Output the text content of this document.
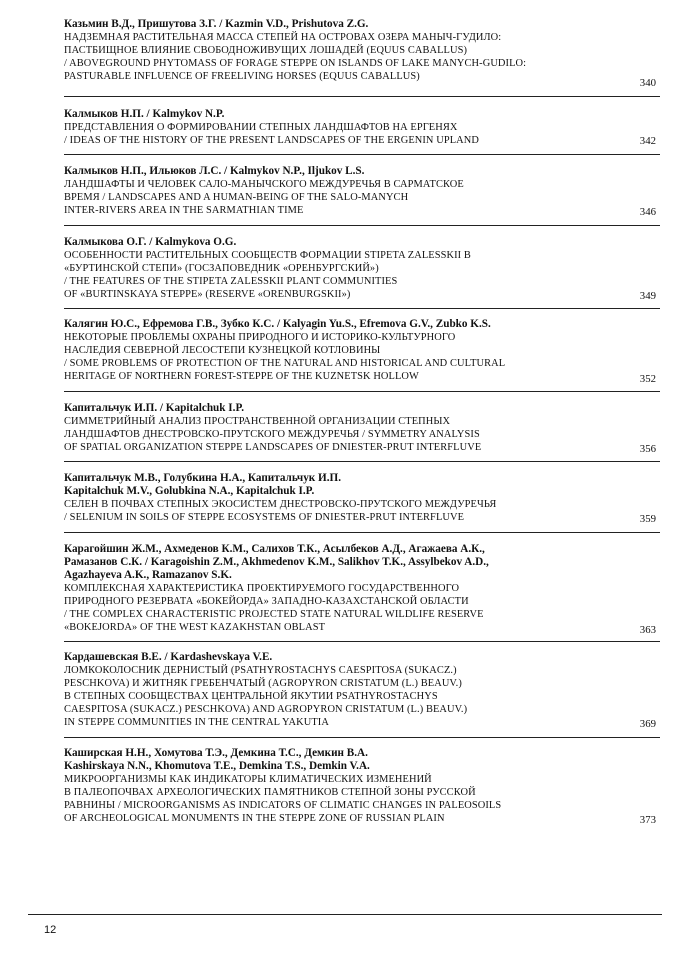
Казьмин В.Д., Пришутова З.Г. / Kazmin V.D., Prishutova Z.G.
НАДЗЕМНАЯ РАСТИТЕЛЬНАЯ МАССА СТЕПЕЙ НА ОСТРОВАХ ОЗЕРА МАНЫЧ-ГУДИЛО:
ПАСТБИЩНОЕ ВЛИЯНИЕ СВОБОДНОЖИВУЩИХ ЛОШАДЕЙ (EQUUS CABALLUS)
/ ABOVEGROUND PHYTOMASS OF FORAGE STEPPE ON ISLANDS OF LAKE MANYCH-GUDILO:
PASTURABLE INFLUENCE OF FREELIVING HORSES (EQUUS CABALLUS)
340
Калмыков Н.П. / Kalmykov N.P.
ПРЕДСТАВЛЕНИЯ О ФОРМИРОВАНИИ СТЕПНЫХ ЛАНДШАФТОВ НА ЕРГЕНЯХ
/ IDEAS OF THE HISTORY OF THE PRESENT LANDSCAPES OF THE ERGENIN UPLAND	342
Калмыков Н.П., Ильюков Л.С. / Kalmykov N.P., Iljukov L.S.
ЛАНДШАФТЫ И ЧЕЛОВЕК САЛО-МАНЫЧСКОГО МЕЖДУРЕЧЬЯ В САРМАТСКОЕ
ВРЕМЯ / LANDSCAPES AND A HUMAN-BEING OF THE SALO-MANYCH
INTER-RIVERS AREA IN THE SARMATHIAN TIME	346
Калмыкова О.Г. / Kalmykova O.G.
ОСОБЕННОСТИ РАСТИТЕЛЬНЫХ СООБЩЕСТВ ФОРМАЦИИ STIPETA ZALESSKII В
«БУРТИНСКОЙ СТЕПИ» (ГОСЗАПОВЕДНИК «ОРЕНБУРГСКИЙ»)
/ THE FEATURES OF THE STIPETA ZALESSKII PLANT COMMUNITIES
OF «BURTINSKAYA STEPPE» (RESERVE «ORENBURGSKII»)	349
Калягин Ю.С., Ефремова Г.В., Зубко К.С. / Kalyagin Yu.S., Efremova G.V., Zubko K.S.
НЕКОТОРЫЕ ПРОБЛЕМЫ ОХРАНЫ ПРИРОДНОГО И ИСТОРИКО-КУЛЬТУРНОГО
НАСЛЕДИЯ СЕВЕРНОЙ ЛЕСОСТЕПИ КУЗНЕЦКОЙ КОТЛОВИНЫ
/ SOME PROBLEMS OF PROTECTION OF THE NATURAL AND HISTORICAL AND CULTURAL
HERITAGE OF NORTHERN FOREST-STEPPE OF THE KUZNETSK HOLLOW	352
Капитальчук И.П. / Kapitalchuk I.P.
СИММЕТРИЙНЫЙ АНАЛИЗ ПРОСТРАНСТВЕННОЙ ОРГАНИЗАЦИИ СТЕПНЫХ
ЛАНДШАФТОВ ДНЕСТРОВСКО-ПРУТСКОГО МЕЖДУРЕЧЬЯ / SYMMETRY ANALYSIS
OF SPATIAL ORGANIZATION STEPPE LANDSCAPES OF DNIESTER-PRUT INTERFLUVE	356
Капитальчук М.В., Голубкина Н.А., Капитальчук И.П.
Kapitalchuk M.V., Golubkina N.A., Kapitalchuk I.P.
СЕЛЕН В ПОЧВАХ СТЕПНЫХ ЭКОСИСТЕМ ДНЕСТРОВСКО-ПРУТСКОГО МЕЖДУРЕЧЬЯ
/ SELENIUM IN SOILS OF STEPPE ECOSYSTEMS OF DNIESTER-PRUT INTERFLUVE	359
Карагойшин Ж.М., Ахмеденов К.М., Салихов Т.К., Асылбеков А.Д., Агажаева А.К.,
Рамазанов С.К. / Karagoishin Z.M., Akhmedenov K.M., Salikhov T.K., Assylbekov A.D.,
Agazhayeva A.K., Ramazanov S.K.
КОМПЛЕКСНАЯ ХАРАКТЕРИСТИКА ПРОЕКТИРУЕМОГО ГОСУДАРСТВЕННОГО
ПРИРОДНОГО РЕЗЕРВАТА «БОКЕЙОРДА» ЗАПАДНО-КАЗАХСТАНСКОЙ ОБЛАСТИ
/ THE COMPLEX CHARACTERISTIC PROJECTED STATE NATURAL WILDLIFE RESERVE
«BOKEJORDA» OF THE WEST KAZAKHSTAN OBLAST	363
Кардашевская В.Е. / Kardashevskaya V.E.
ЛОМКОКОЛОСНИК ДЕРНИСТЫЙ (PSATHYROSTACHYS CAESPITOSA (SUKACZ.)
PESCHKOVA) И ЖИТНЯК ГРЕБЕНЧАТЫЙ (AGROPYRON CRISTATUM (L.) BEAUV.)
В СТЕПНЫХ СООБЩЕСТВАХ ЦЕНТРАЛЬНОЙ ЯКУТИИ PSATHYROSTACHYS
CAESPITOSA (SUKACZ.) PESCHKOVA) AND AGROPYRON CRISTATUM (L.) BEAUV.)
IN STEPPE COMMUNITIES IN THE CENTRAL YAKUTIA	369
Каширская Н.Н., Хомутова Т.Э., Демкина Т.С., Демкин В.А.
Kashirskaya N.N., Khomutova T.E., Demkina T.S., Demkin V.A.
МИКРООРГАНИЗМЫ КАК ИНДИКАТОРЫ КЛИМАТИЧЕСКИХ ИЗМЕНЕНИЙ
В ПАЛЕОПОЧВАХ АРХЕОЛОГИЧЕСКИХ ПАМЯТНИКОВ СТЕПНОЙ ЗОНЫ РУССКОЙ
РАВНИНЫ / MICROORGANISMS AS INDICATORS OF CLIMATIC CHANGES IN PALEOSOILS
OF ARCHEOLOGICAL MONUMENTS IN THE STEPPE ZONE OF RUSSIAN PLAIN	373
12
